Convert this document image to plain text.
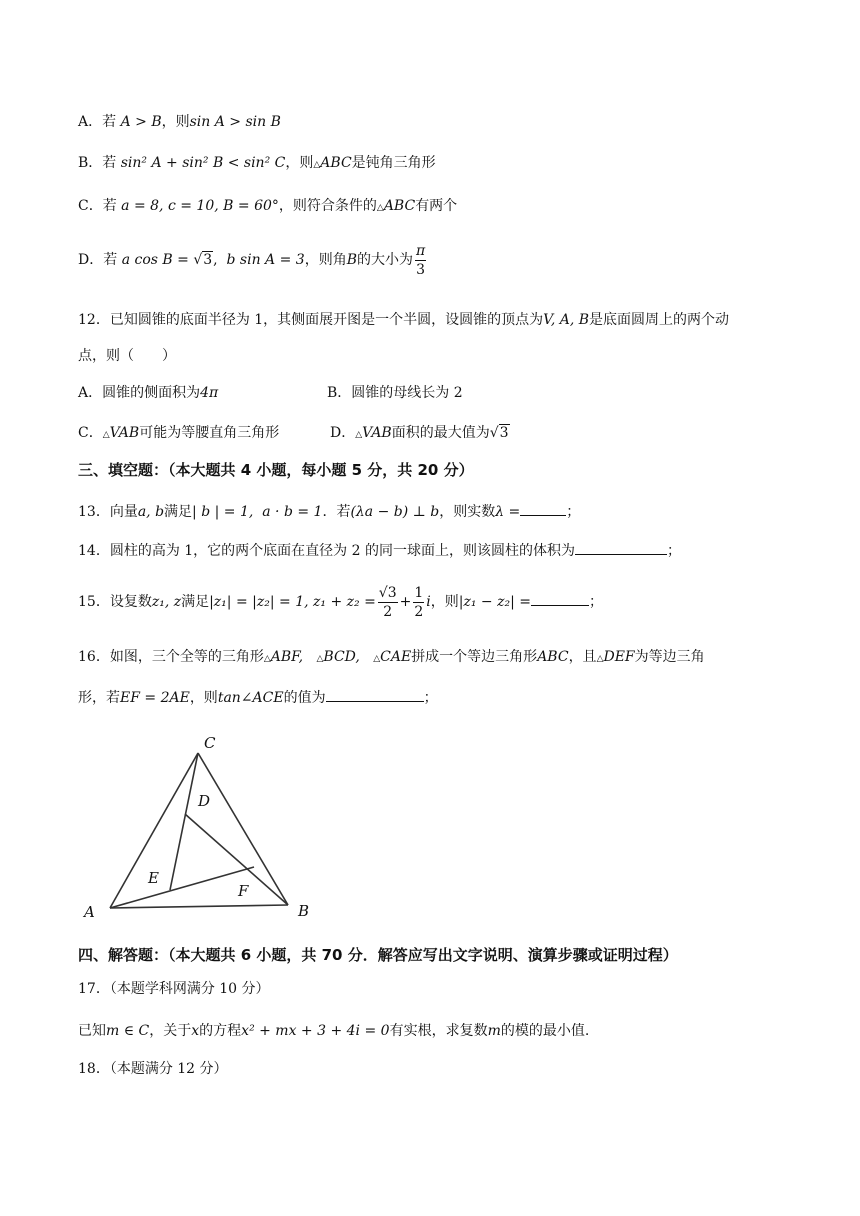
A．若 A > B，则sin A > sin B
B．若 sin² A + sin² B < sin² C，则△ABC是钝角三角形
C．若 a = 8, c = 10, B = 60°，则符合条件的△ABC有两个
D．若 a cos B = √3, b sin A = 3，则角B的大小为 $\frac{\pi}{3}$
12．已知圆锥的底面半径为 1，其侧面展开图是一个半圆，设圆锥的顶点为V, A, B是底面圆周上的两个动
点，则（　　）
A．圆锥的侧面积为4π	B．圆锥的母线长为 2
C．△VAB可能为等腰直角三角形	D．△VAB面积的最大值为√3
三、填空题：（本大题共 4 小题，每小题 5 分，共 20 分）
13．向量a, b满足| b | = 1, a · b = 1．若(λa − b) ⊥ b，则实数λ =	；
14．圆柱的高为 1，它的两个底面在直径为 2 的同一球面上，则该圆柱的体积为	；
15．设复数z₁, z满足|z₁| = |z₂| = 1, $z_1 + z_2 = \frac{√3}{2} + \frac{1}{2}$ i，则|z₁ − z₂| =	；
16．如图，三个全等的三角形△ABF, △BCD, △CAE拼成一个等边三角形ABC，且△DEF为等边三角
形，若EF = 2AE，则tan∠ACE的值为	；
C
D
E
F
A	B
四、解答题：（本大题共 6 小题，共 70 分．解答应写出文字说明、演算步骤或证明过程）
17．（本题学科网满分 10 分）
已知m ∈ C，关于x的方程x² + mx + 3 + 4i = 0有实根，求复数m的模的最小值.
18．（本题满分 12 分）
